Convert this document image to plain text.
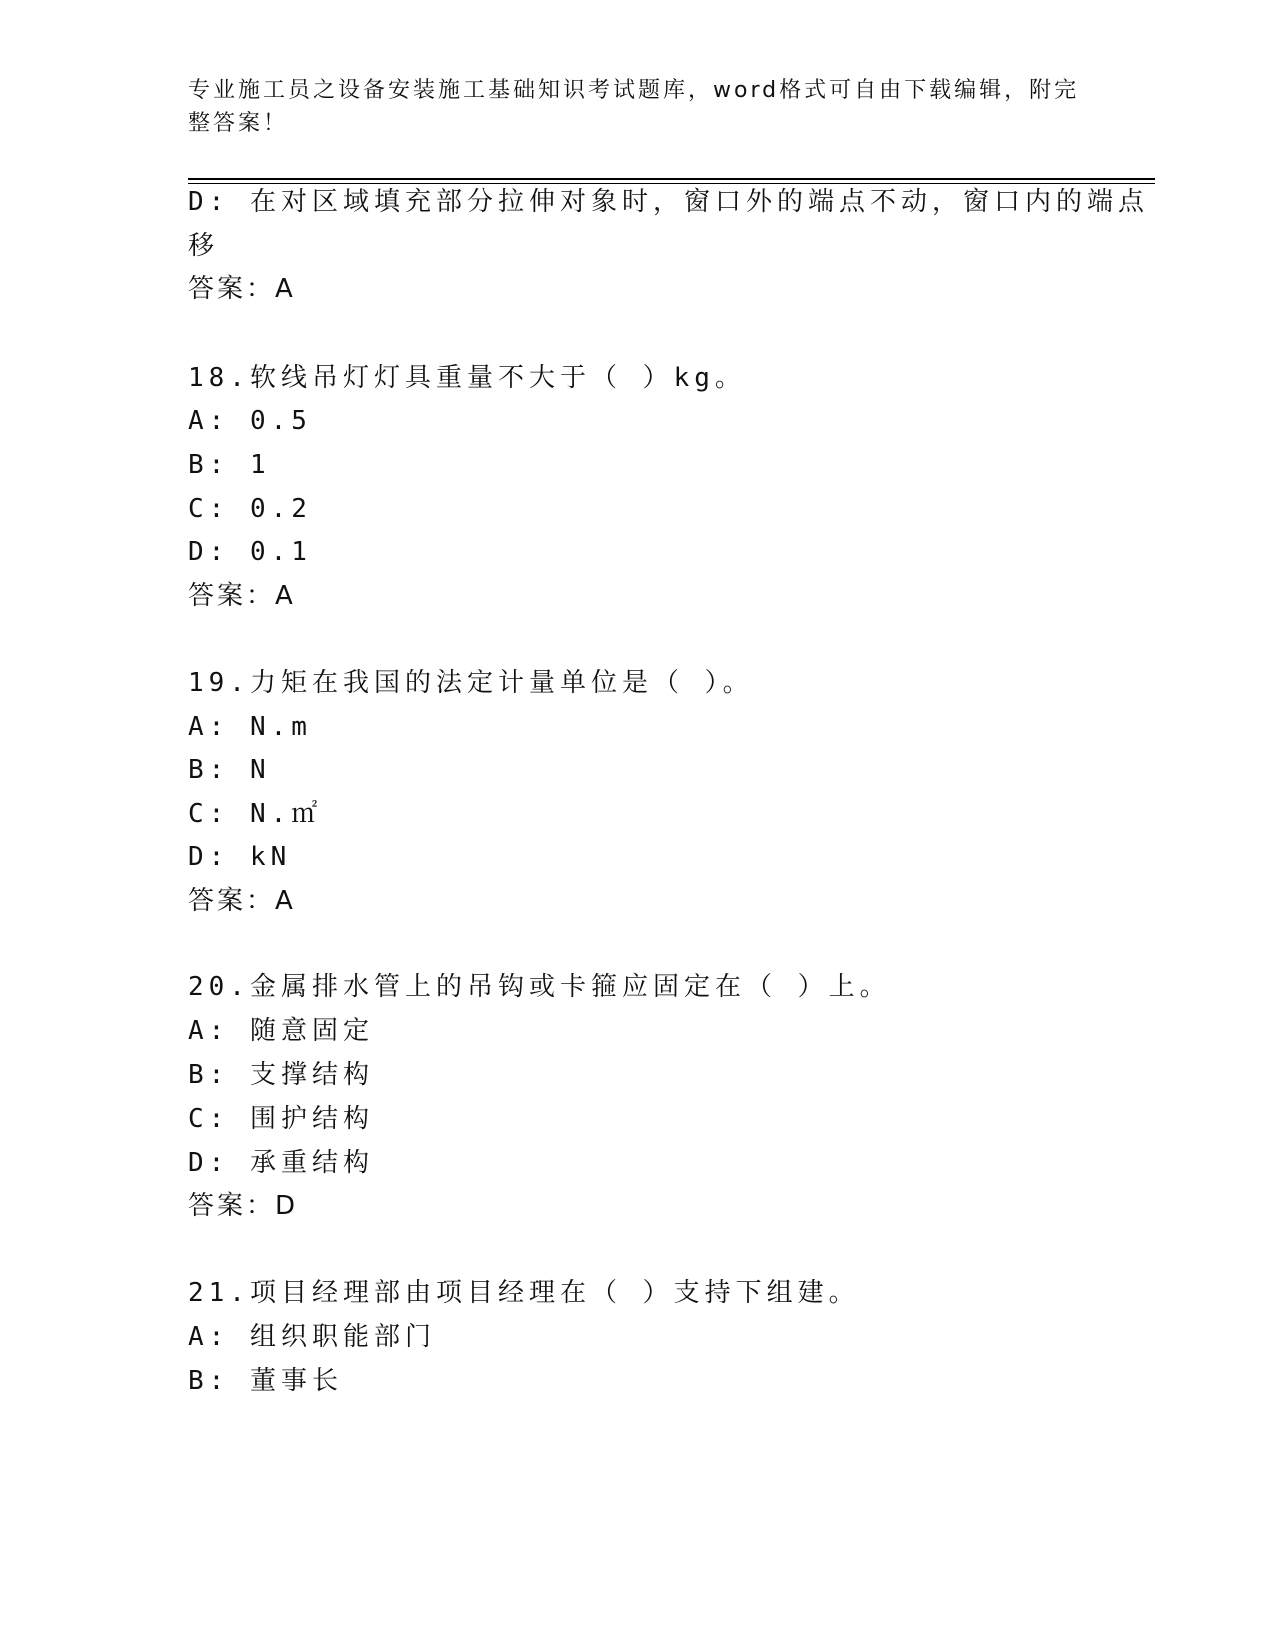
专业施工员之设备安装施工基础知识考试题库，word格式可自由下载编辑，附完
整答案！
D: 在对区域填充部分拉伸对象时，窗口外的端点不动，窗口内的端点
移
答案：A
18.软线吊灯灯具重量不大于（ ）kg。
A: 0.5
B: 1
C: 0.2
D: 0.1
答案：A
19.力矩在我国的法定计量单位是（ ）。
A: N.m
B: N
C: N.㎡
D: kN
答案：A
20.金属排水管上的吊钩或卡箍应固定在（ ）上。
A: 随意固定
B: 支撑结构
C: 围护结构
D: 承重结构
答案：D
21.项目经理部由项目经理在（ ）支持下组建。
A: 组织职能部门
B: 董事长
